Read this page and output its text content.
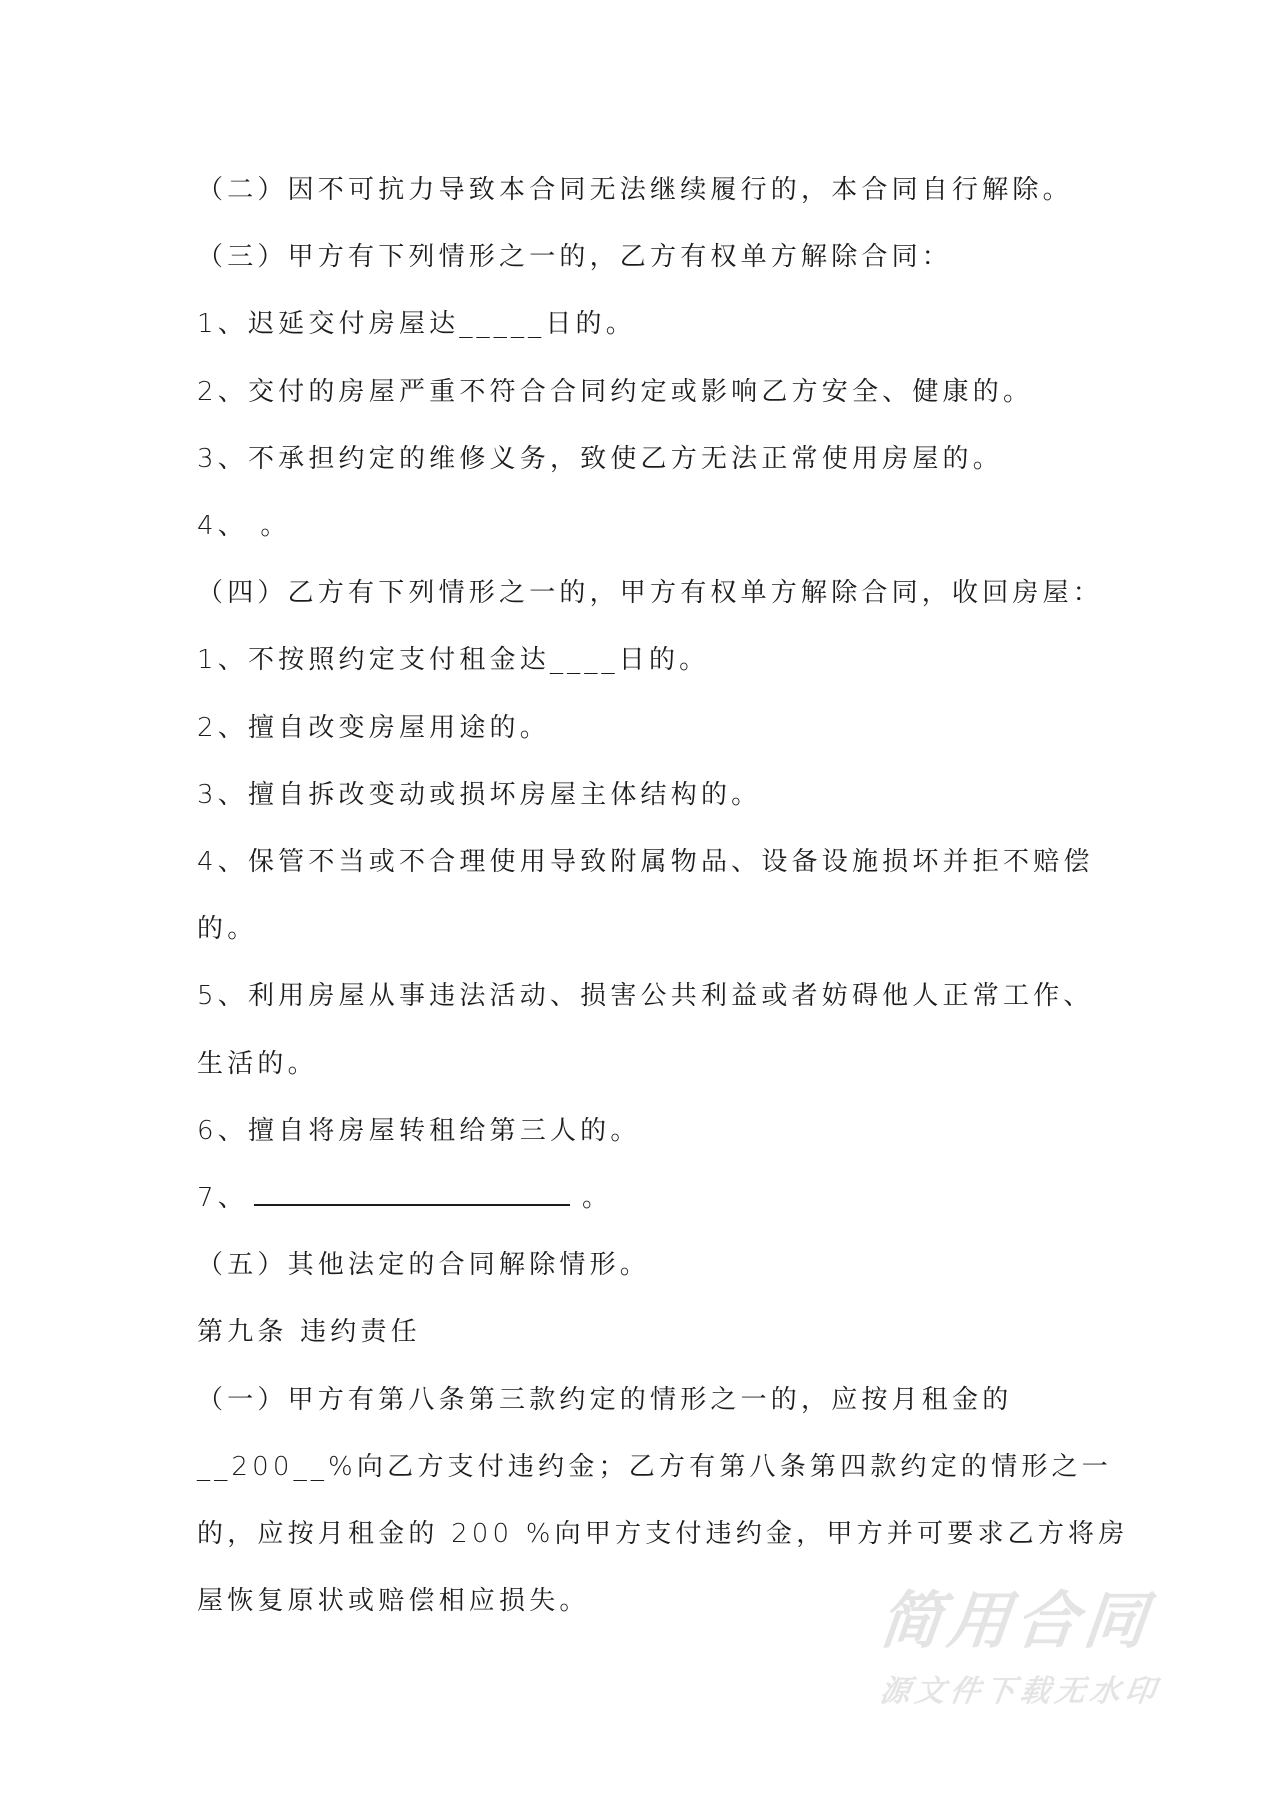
（二）因不可抗力导致本合同无法继续履行的，本合同自行解除。
（三）甲方有下列情形之一的，乙方有权单方解除合同：
1、迟延交付房屋达_____日的。
2、交付的房屋严重不符合合同约定或影响乙方安全、健康的。
3、不承担约定的维修义务，致使乙方无法正常使用房屋的。
4、 。
（四）乙方有下列情形之一的，甲方有权单方解除合同，收回房屋：
1、不按照约定支付租金达____日的。
2、擅自改变房屋用途的。
3、擅自拆改变动或损坏房屋主体结构的。
4、保管不当或不合理使用导致附属物品、设备设施损坏并拒不赔偿
的。
5、利用房屋从事违法活动、损害公共利益或者妨碍他人正常工作、
生活的。
6、擅自将房屋转租给第三人的。
7、	。
（五）其他法定的合同解除情形。
第九条 违约责任
（一）甲方有第八条第三款约定的情形之一的，应按月租金的
__200__%向乙方支付违约金；乙方有第八条第四款约定的情形之一
的，应按月租金的 200 %向甲方支付违约金，甲方并可要求乙方将房
屋恢复原状或赔偿相应损失。	简用合同
源文件下载无水印
